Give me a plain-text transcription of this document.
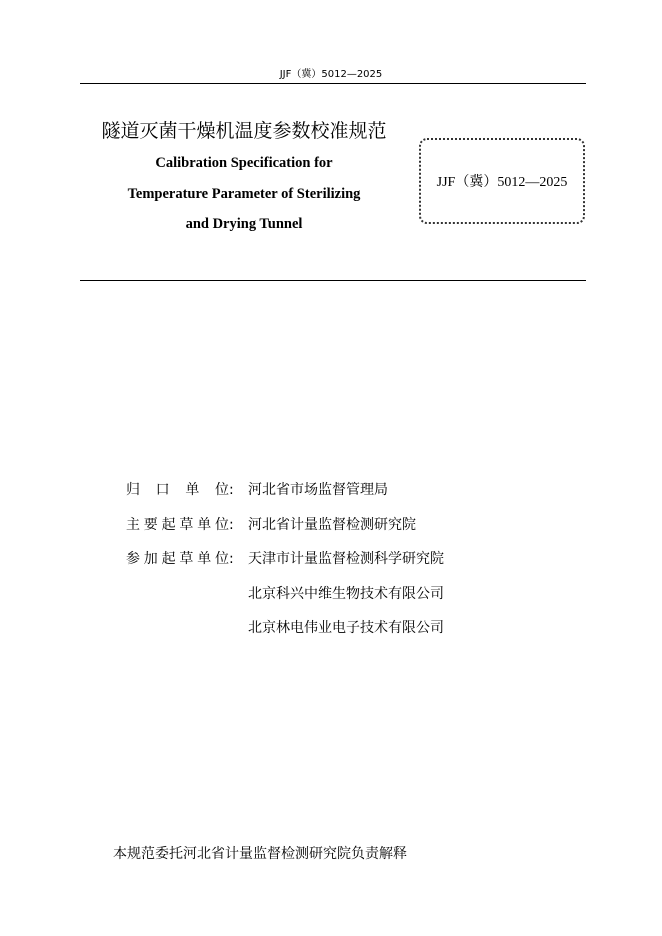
JJF（冀）5012—2025
隧道灭菌干燥机温度参数校准规范
Calibration Specification for
Temperature Parameter of Sterilizing
and Drying Tunnel
JJF（冀）5012—2025
归口单位:	河北省市场监督管理局
主要起草单位:	河北省计量监督检测研究院
参加起草单位:	天津市计量监督检测科学研究院
北京科兴中维生物技术有限公司
北京林电伟业电子技术有限公司
本规范委托河北省计量监督检测研究院负责解释
